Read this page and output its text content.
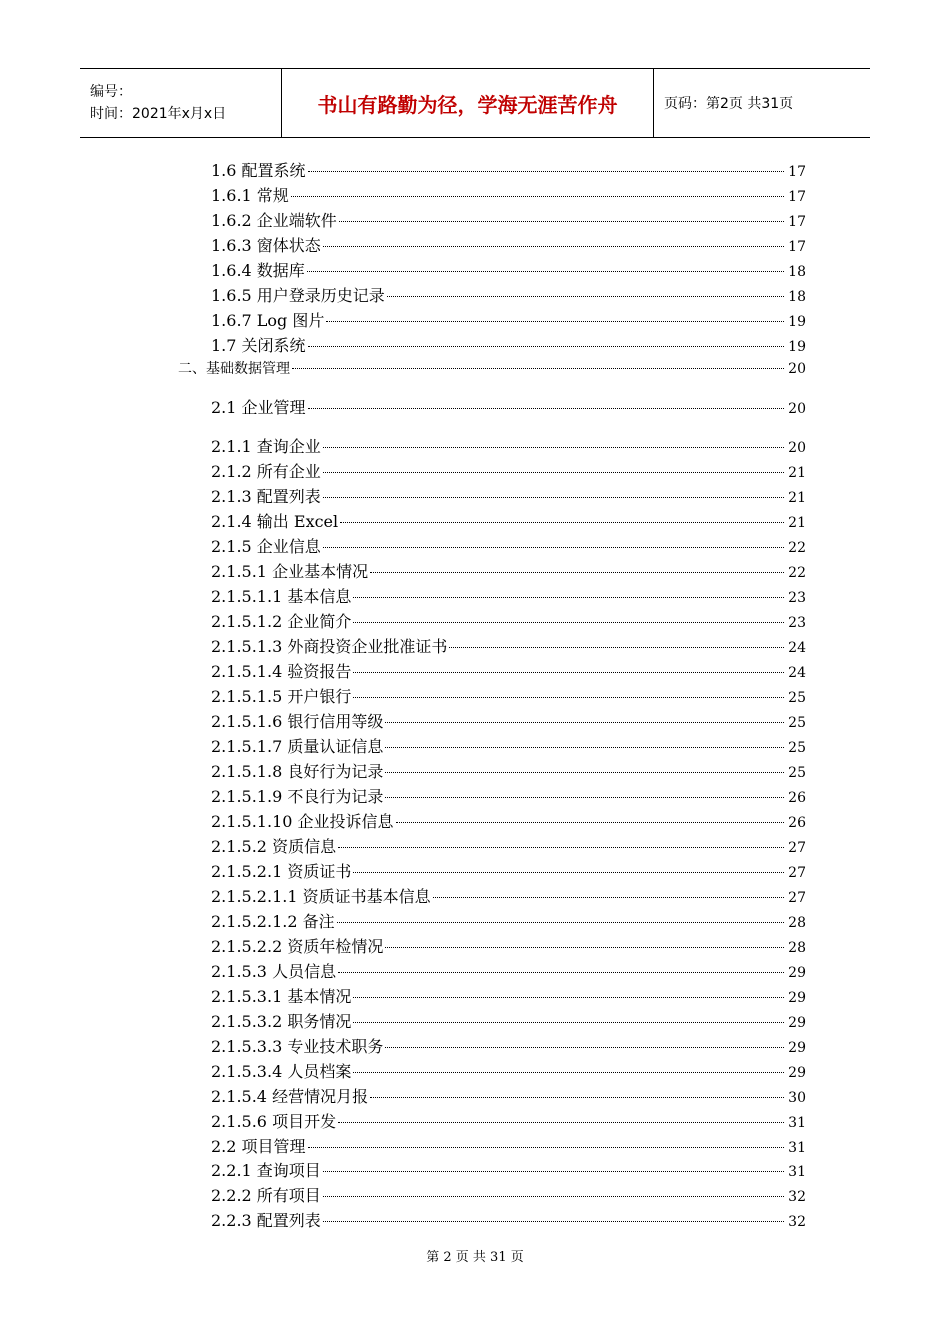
编号：
时间：2021年x月x日	书山有路勤为径，学海无涯苦作舟	页码：第2页 共31页
1.6 配置系统	17
1.6.1 常规	17
1.6.2 企业端软件	17
1.6.3 窗体状态	17
1.6.4 数据库	18
1.6.5 用户登录历史记录	18
1.6.7 Log 图片	19
1.7 关闭系统	19
二、基础数据管理	20
2.1 企业管理	20
2.1.1 查询企业	20
2.1.2 所有企业	21
2.1.3 配置列表	21
2.1.4 输出 Excel	21
2.1.5 企业信息	22
2.1.5.1 企业基本情况	22
2.1.5.1.1 基本信息	23
2.1.5.1.2 企业简介	23
2.1.5.1.3 外商投资企业批准证书	24
2.1.5.1.4 验资报告	24
2.1.5.1.5 开户银行	25
2.1.5.1.6 银行信用等级	25
2.1.5.1.7 质量认证信息	25
2.1.5.1.8 良好行为记录	25
2.1.5.1.9 不良行为记录	26
2.1.5.1.10 企业投诉信息	26
2.1.5.2 资质信息	27
2.1.5.2.1 资质证书	27
2.1.5.2.1.1 资质证书基本信息	27
2.1.5.2.1.2 备注	28
2.1.5.2.2 资质年检情况	28
2.1.5.3 人员信息	29
2.1.5.3.1 基本情况	29
2.1.5.3.2 职务情况	29
2.1.5.3.3 专业技术职务	29
2.1.5.3.4 人员档案	29
2.1.5.4 经营情况月报	30
2.1.5.6 项目开发	31
2.2 项目管理	31
2.2.1 查询项目	31
2.2.2 所有项目	32
2.2.3 配置列表	32
第 2 页 共 31 页
